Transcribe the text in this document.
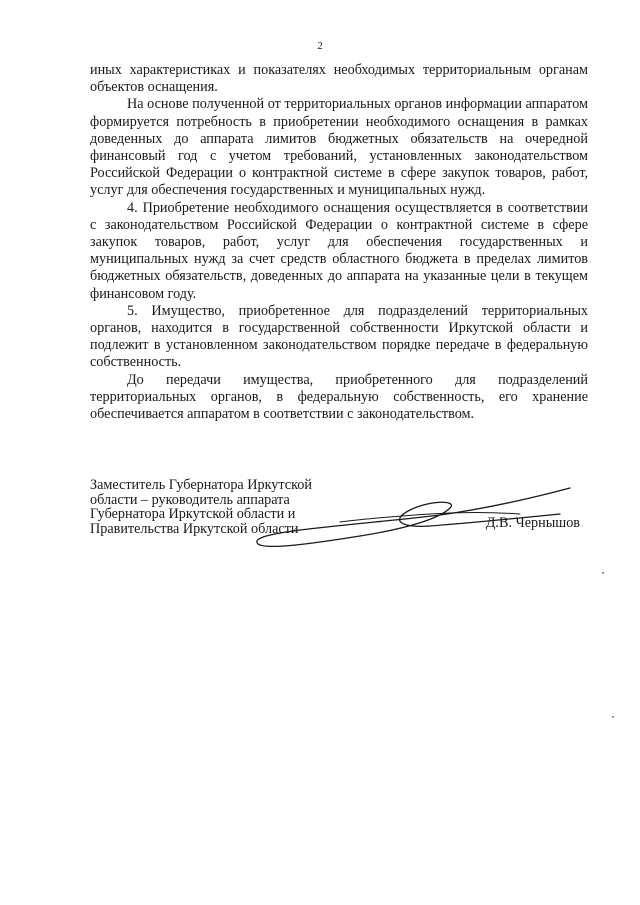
2

иных характеристиках и показателях необходимых территориальным органам объектов оснащения.

На основе полученной от территориальных органов информации аппаратом формируется потребность в приобретении необходимого оснащения в рамках доведенных до аппарата лимитов бюджетных обязательств на очередной финансовый год с учетом требований, установленных законодательством Российской Федерации о контрактной системе в сфере закупок товаров, работ, услуг для обеспечения государственных и муниципальных нужд.

4. Приобретение необходимого оснащения осуществляется в соответствии с законодательством Российской Федерации о контрактной системе в сфере закупок товаров, работ, услуг для обеспечения государственных и муниципальных нужд за счет средств областного бюджета в пределах лимитов бюджетных обязательств, доведенных до аппарата на указанные цели в текущем финансовом году.

5. Имущество, приобретенное для подразделений территориальных органов, находится в государственной собственности Иркутской области и подлежит в установленном законодательством порядке передаче в федеральную собственность.

До передачи имущества, приобретенного для подразделений территориальных органов, в федеральную собственность, его хранение обеспечивается аппаратом в соответствии с законодательством.

Заместитель Губернатора Иркутской
области – руководитель аппарата
Губернатора Иркутской области и
Правительства Иркутской области	Д.В. Чернышов
